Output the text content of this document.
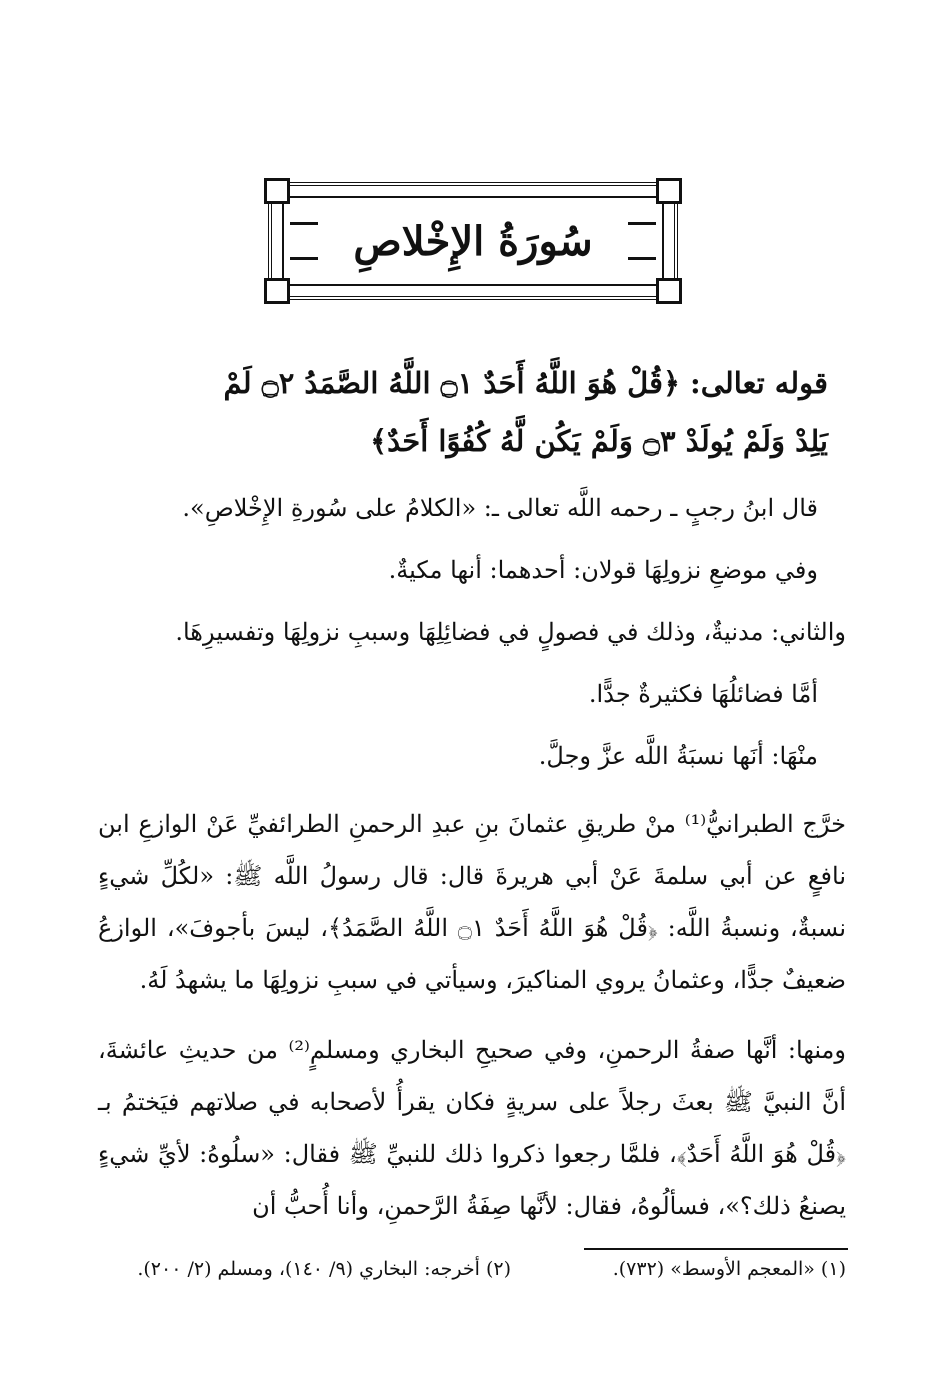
سُورَةُ الإِخْلاصِ
قوله تعالى: ﴿قُلْ هُوَ اللَّهُ أَحَدٌ ۝١ اللَّهُ الصَّمَدُ ۝٢ لَمْ
يَلِدْ وَلَمْ يُولَدْ ۝٣ وَلَمْ يَكُن لَّهُ كُفُوًا أَحَدٌ﴾
قال ابنُ رجبٍ ـ رحمه اللَّه تعالى ـ: «الكلامُ على سُورةِ الإِخْلاصِ».
وفي موضعِ نزولِهَا قولان: أحدهما: أنها مكيةٌ.
والثاني: مدنيةٌ، وذلك في فصولٍ في فضائِلِهَا وسببِ نزولِهَا وتفسيرِهَا.
أمَّا فضائلُهَا فكثيرةٌ جدًّا.
منْهَا: أنَها نسبَةُ اللَّه عزَّ وجلَّ.
خرَّج الطبرانيُّ⁽¹⁾ منْ طريقِ عثمانَ بنِ عبدِ الرحمنِ الطرائفيِّ عَنْ الوازعِ ابن نافعٍ عن أبي سلمةَ عَنْ أبي هريرةَ قال: قال رسولُ اللَّه ﷺ: «لكُلِّ شيءٍ نسبةٌ، ونسبةُ اللَّه: ﴿قُلْ هُوَ اللَّهُ أَحَدٌ ۝١ اللَّهُ الصَّمَدُ﴾، ليسَ بأجوفَ»، الوازعُ ضعيفٌ جدًّا، وعثمانُ يروي المناكيرَ، وسيأتي في سببِ نزولِهَا ما يشهدُ لَهُ.
ومنها: أنَّها صفةُ الرحمنِ، وفي صحيحِ البخاري ومسلمٍ⁽²⁾ من حديثِ عائشةَ، أنَّ النبيَّ ﷺ بعثَ رجلاً على سريةٍ فكان يقرأُ لأصحابه في صلاتهم فيَختمُ بـ ﴿قُلْ هُوَ اللَّهُ أَحَدٌ﴾، فلمَّا رجعوا ذكروا ذلك للنبيِّ ﷺ فقال: «سلُوهُ: لأيِّ شيءٍ يصنعُ ذلك؟»، فسألُوهُ، فقال: لأنَّها صِفَةُ الرَّحمنِ، وأنا أُحبُّ أن
(١) «المعجم الأوسط» (٧٣٢).
(٢) أخرجه: البخاري (٩/ ١٤٠)، ومسلم (٢/ ٢٠٠).
